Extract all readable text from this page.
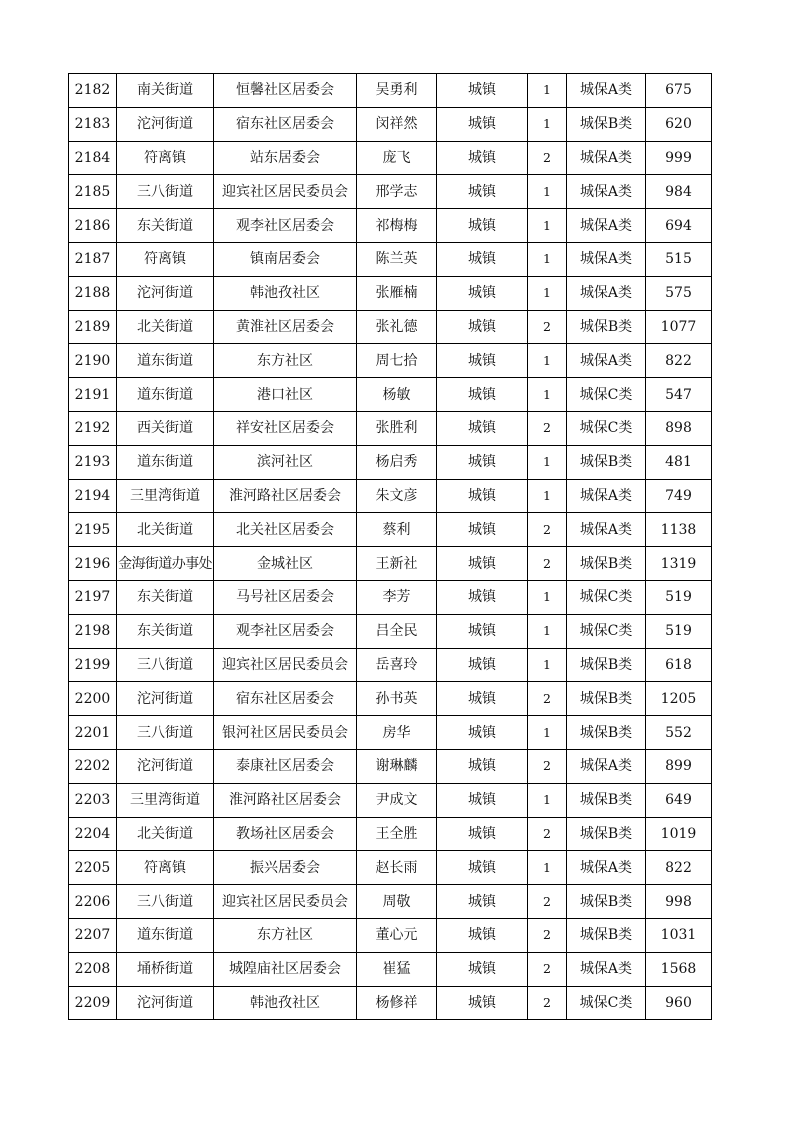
2182	南关街道	恒馨社区居委会	吴勇利	城镇	1	城保A类	675
2183	沱河街道	宿东社区居委会	闵祥然	城镇	1	城保B类	620
2184	符离镇	站东居委会	庞飞	城镇	2	城保A类	999
2185	三八街道	迎宾社区居民委员会	邢学志	城镇	1	城保A类	984
2186	东关街道	观李社区居委会	祁梅梅	城镇	1	城保A类	694
2187	符离镇	镇南居委会	陈兰英	城镇	1	城保A类	515
2188	沱河街道	韩池孜社区	张雁楠	城镇	1	城保A类	575
2189	北关街道	黄淮社区居委会	张礼德	城镇	2	城保B类	1077
2190	道东街道	东方社区	周七拾	城镇	1	城保A类	822
2191	道东街道	港口社区	杨敏	城镇	1	城保C类	547
2192	西关街道	祥安社区居委会	张胜利	城镇	2	城保C类	898
2193	道东街道	滨河社区	杨启秀	城镇	1	城保B类	481
2194	三里湾街道	淮河路社区居委会	朱文彦	城镇	1	城保A类	749
2195	北关街道	北关社区居委会	蔡利	城镇	2	城保A类	1138
2196	金海街道办事处	金城社区	王新社	城镇	2	城保B类	1319
2197	东关街道	马号社区居委会	李芳	城镇	1	城保C类	519
2198	东关街道	观李社区居委会	吕全民	城镇	1	城保C类	519
2199	三八街道	迎宾社区居民委员会	岳喜玲	城镇	1	城保B类	618
2200	沱河街道	宿东社区居委会	孙书英	城镇	2	城保B类	1205
2201	三八街道	银河社区居民委员会	房华	城镇	1	城保B类	552
2202	沱河街道	泰康社区居委会	谢琳麟	城镇	2	城保A类	899
2203	三里湾街道	淮河路社区居委会	尹成文	城镇	1	城保B类	649
2204	北关街道	教场社区居委会	王全胜	城镇	2	城保B类	1019
2205	符离镇	振兴居委会	赵长雨	城镇	1	城保A类	822
2206	三八街道	迎宾社区居民委员会	周敬	城镇	2	城保B类	998
2207	道东街道	东方社区	董心元	城镇	2	城保B类	1031
2208	埇桥街道	城隍庙社区居委会	崔猛	城镇	2	城保A类	1568
2209	沱河街道	韩池孜社区	杨修祥	城镇	2	城保C类	960
